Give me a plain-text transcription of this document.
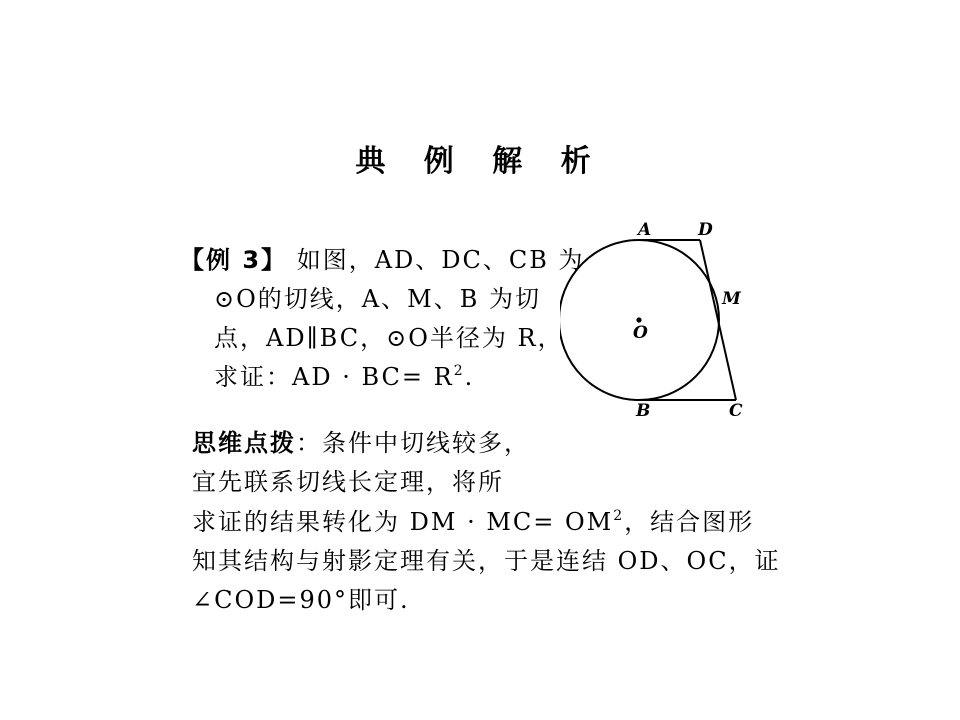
典 例 解 析
【例 3】 如图，AD、DC、CB 为
⊙O的切线，A、M、B 为切
点，AD∥BC，⊙O半径为 R，
求证：AD · $BC= R^2$.
A	D
M
O
B	C
思维点拨：条件中切线较多，
宜先联系切线长定理，将所
求证的结果转化为 DM · $MC= OM^2$，结合图形
知其结构与射影定理有关，于是连结 OD、OC，证
∠COD=90°即可.
